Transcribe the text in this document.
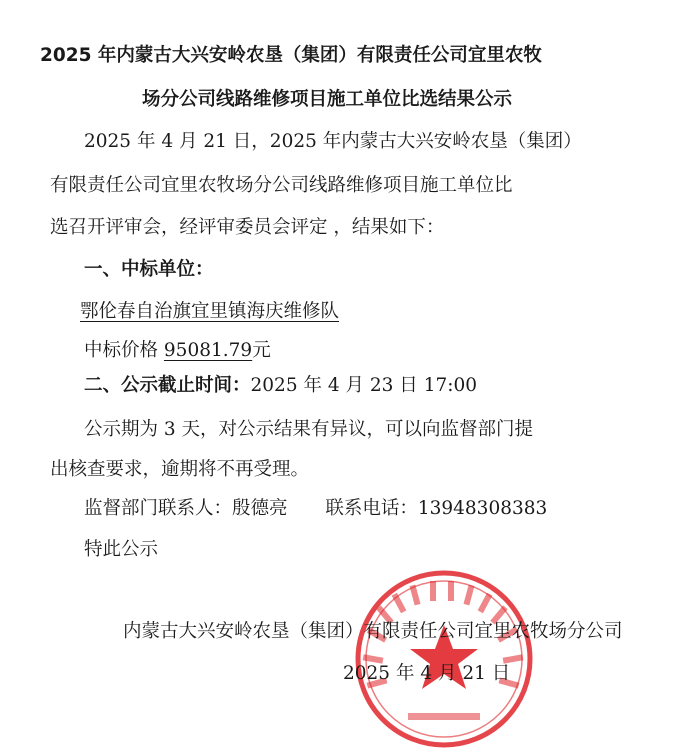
2025 年内蒙古大兴安岭农垦（集团）有限责任公司宜里农牧
场分公司线路维修项目施工单位比选结果公示
2025 年 4 月 21 日，2025 年内蒙古大兴安岭农垦（集团）
有限责任公司宜里农牧场分公司线路维修项目施工单位比
选召开评审会，经评审委员会评定 ，结果如下：
一、中标单位：
鄂伦春自治旗宜里镇海庆维修队
中标价格 95081.79元
二、公示截止时间：2025 年 4 月 23 日 17:00
公示期为 3 天，对公示结果有异议，可以向监督部门提
出核查要求，逾期将不再受理。
监督部门联系人：殷德亮 联系电话：13948308383
特此公示
内蒙古大兴安岭农垦（集团）有限责任公司宜里农牧场分公司
2025 年 4 月 21 日
